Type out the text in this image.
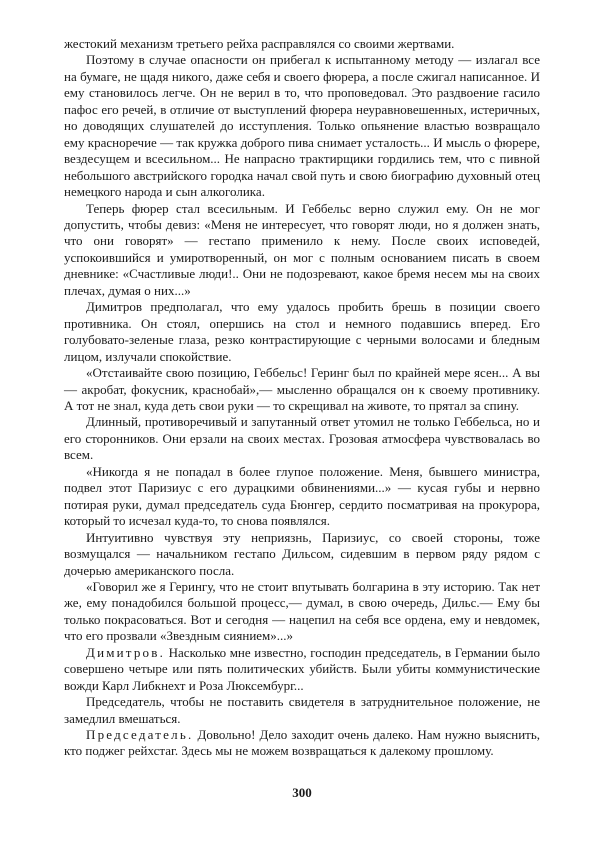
жестокий механизм третьего рейха расправлялся со своими жертвами.

Поэтому в случае опасности он прибегал к испытанному методу — излагал все на бумаге, не щадя никого, даже себя и своего фюрера, а после сжигал написанное. И ему становилось легче. Он не верил в то, что проповедовал. Это раздвоение гасило пафос его речей, в отличие от выступлений фюрера неуравновешенных, истеричных, но доводящих слушателей до исступления. Только опьянение властью возвращало ему красноречие — так кружка доброго пива снимает усталость... И мысль о фюрере, вездесущем и всесильном... Не напрасно трактирщики гордились тем, что с пивной небольшого австрийского городка начал свой путь и свою биографию духовный отец немецкого народа и сын алкоголика.

Теперь фюрер стал всесильным. И Геббельс верно служил ему. Он не мог допустить, чтобы девиз: «Меня не интересует, что говорят люди, но я должен знать, что они говорят» — гестапо применило к нему. После своих исповедей, успокоившийся и умиротворенный, он мог с полным основанием писать в своем дневнике: «Счастливые люди!.. Они не подозревают, какое бремя несем мы на своих плечах, думая о них...»

Димитров предполагал, что ему удалось пробить брешь в позиции своего противника. Он стоял, опершись на стол и немного подавшись вперед. Его голубовато-зеленые глаза, резко контрастирующие с черными волосами и бледным лицом, излучали спокойствие.

«Отстаивайте свою позицию, Геббельс! Геринг был по крайней мере ясен... А вы — акробат, фокусник, краснобай»,— мысленно обращался он к своему противнику. А тот не знал, куда деть свои руки — то скрещивал на животе, то прятал за спину.

Длинный, противоречивый и запутанный ответ утомил не только Геббельса, но и его сторонников. Они ерзали на своих местах. Грозовая атмосфера чувствовалась во всем.

«Никогда я не попадал в более глупое положение. Меня, бывшего министра, подвел этот Паризиус с его дурацкими обвинениями...» — кусая губы и нервно потирая руки, думал председатель суда Бюнгер, сердито посматривая на прокурора, который то исчезал куда-то, то снова появлялся.

Интуитивно чувствуя эту неприязнь, Паризиус, со своей стороны, тоже возмущался — начальником гестапо Дильсом, сидевшим в первом ряду рядом с дочерью американского посла.

«Говорил же я Герингу, что не стоит впутывать болгарина в эту историю. Так нет же, ему понадобился большой процесс,— думал, в свою очередь, Дильс.— Ему бы только покрасоваться. Вот и сегодня — нацепил на себя все ордена, ему и невдомек, что его прозвали «Звездным сиянием»...»

Димитров. Насколько мне известно, господин председатель, в Германии было совершено четыре или пять политических убийств. Были убиты коммунистические вожди Карл Либкнехт и Роза Люксембург...

Председатель, чтобы не поставить свидетеля в затруднительное положение, не замедлил вмешаться.

Председатель. Довольно! Дело заходит очень далеко. Нам нужно выяснить, кто поджег рейхстаг. Здесь мы не можем возвращаться к далекому прошлому.

300
